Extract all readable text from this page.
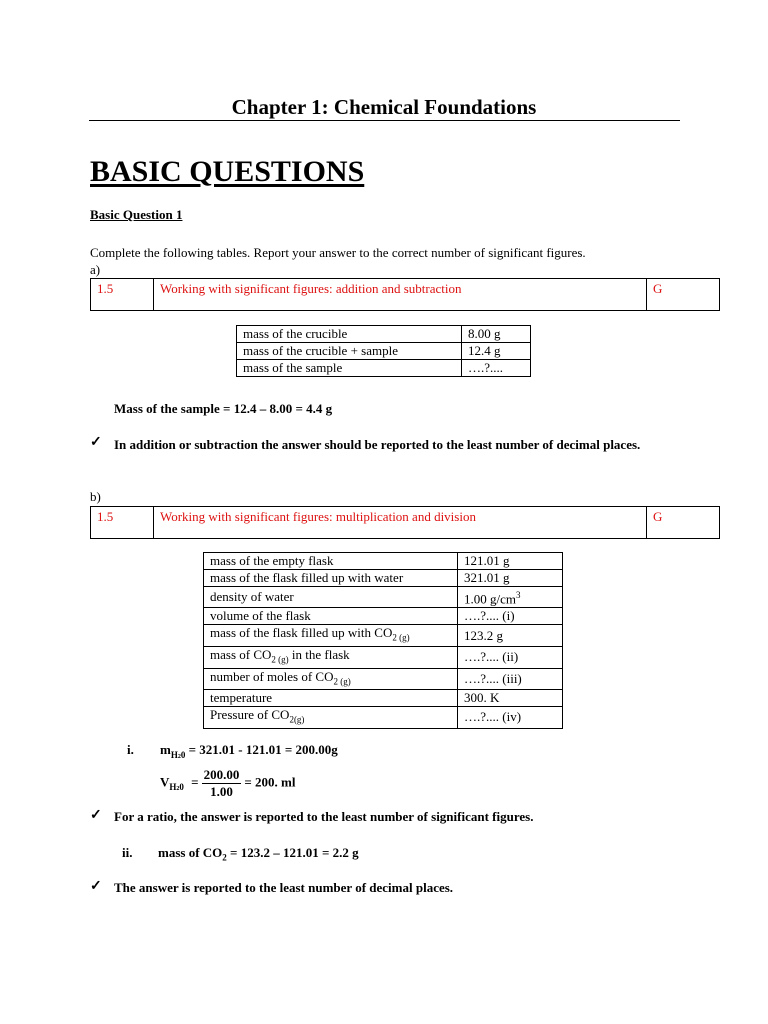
Chapter 1: Chemical Foundations
BASIC QUESTIONS
Basic Question 1
Complete the following tables. Report your answer to the correct number of significant figures.
a)
1.5	Working with significant figures: addition and subtraction	G
mass of the crucible	8.00 g
mass of the crucible + sample	12.4 g
mass of the sample	….?....
Mass of the sample = 12.4 – 8.00 = 4.4 g
✓ In addition or subtraction the answer should be reported to the least number of decimal places.
b)
1.5	Working with significant figures: multiplication and division	G
mass of the empty flask	121.01 g
mass of the flask filled up with water	321.01 g
density of water	1.00 $g/cm^3$
volume of the flask	….?.... (i)
mass of the flask filled up with $CO_{2 (g)}$	123.2 g
mass of $CO_{2 (g)}$ in the flask	….?.... (ii)
number of moles of $CO_{2 (g)}$	….?.... (iii)
temperature	300. K
Pressure of $CO_{2(g)}$	….?.... (iv)
i. $m_{H20} = 321.01 - 121.01 = 200.00g$
$V_{H20} = \frac{200.00}{1.00} = 200$. ml
✓ For a ratio, the answer is reported to the least number of significant figures.
ii. mass of $CO_2 = 123.2 - 121.01 = 2.2$ g
✓ The answer is reported to the least number of decimal places.
